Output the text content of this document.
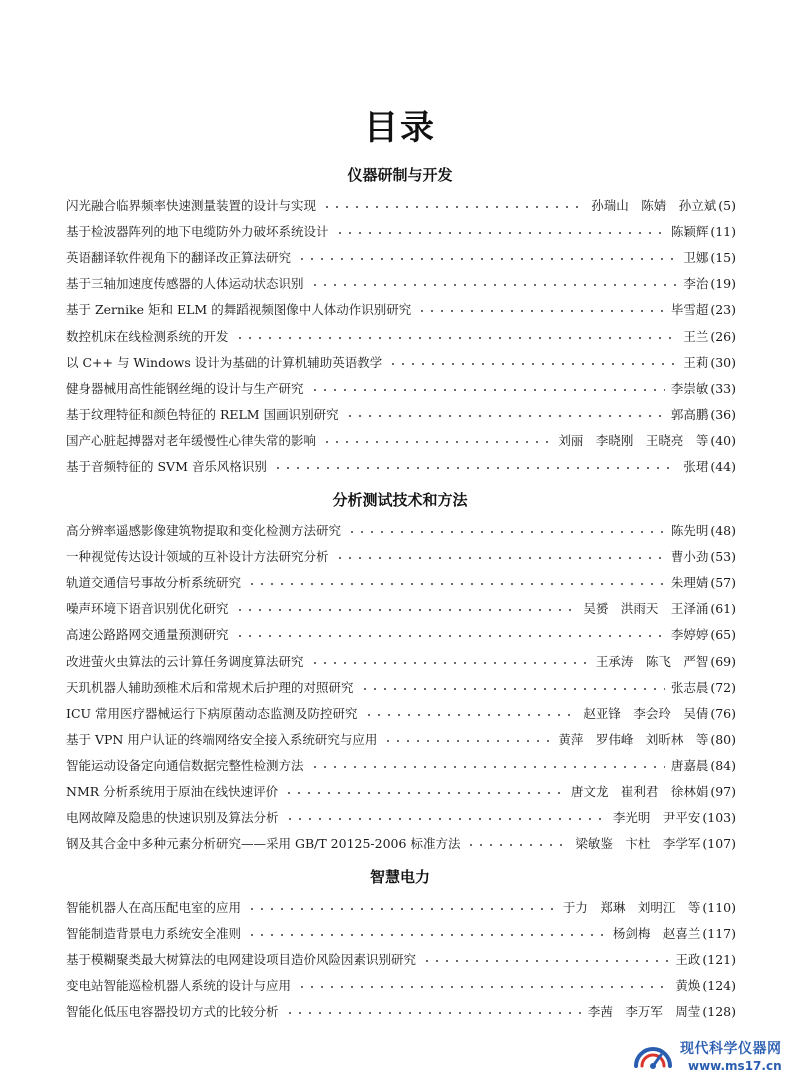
目录
仪器研制与开发
闪光融合临界频率快速测量装置的设计与实现	孙瑞山　陈婧　孙立斌 (5)
基于检波器阵列的地下电缆防外力破坏系统设计	陈颖辉 (11)
英语翻译软件视角下的翻译改正算法研究	卫娜 (15)
基于三轴加速度传感器的人体运动状态识别	李治 (19)
基于 Zernike 矩和 ELM 的舞蹈视频图像中人体动作识别研究	毕雪超 (23)
数控机床在线检测系统的开发	王兰 (26)
以 C++ 与 Windows 设计为基础的计算机辅助英语教学	王莉 (30)
健身器械用高性能钢丝绳的设计与生产研究	李崇敏 (33)
基于纹理特征和颜色特征的 RELM 国画识别研究	郭高鹏 (36)
国产心脏起搏器对老年缓慢性心律失常的影响	刘丽　李晓刚　王晓亮　等 (40)
基于音频特征的 SVM 音乐风格识别	张珺 (44)
分析测试技术和方法
高分辨率遥感影像建筑物提取和变化检测方法研究	陈先明 (48)
一种视觉传达设计领域的互补设计方法研究分析	曹小劲 (53)
轨道交通信号事故分析系统研究	朱理婧 (57)
噪声环境下语音识别优化研究	吴赟　洪雨天　王泽涌 (61)
高速公路路网交通量预测研究	李婷婷 (65)
改进萤火虫算法的云计算任务调度算法研究	王承涛　陈飞　严智 (69)
天玑机器人辅助颈椎术后和常规术后护理的对照研究	张志晨 (72)
ICU 常用医疗器械运行下病原菌动态监测及防控研究	赵亚锋　李会玲　吴倩 (76)
基于 VPN 用户认证的终端网络安全接入系统研究与应用	黄萍　罗伟峰　刘昕林　等 (80)
智能运动设备定向通信数据完整性检测方法	唐嘉晨 (84)
NMR 分析系统用于原油在线快速评价	唐文龙　崔利君　徐林娟 (97)
电网故障及隐患的快速识别及算法分析	李光明　尹平安 (103)
钢及其合金中多种元素分析研究——采用 GB/T 20125-2006 标准方法	梁敏鉴　卞杜　李学军 (107)
智慧电力
智能机器人在高压配电室的应用	于力　郑琳　刘明江　等 (110)
智能制造背景电力系统安全准则	杨剑梅　赵喜兰 (117)
基于模糊聚类最大树算法的电网建设项目造价风险因素识别研究	王政 (121)
变电站智能巡检机器人系统的设计与应用	黄焕 (124)
智能化低压电容器投切方式的比较分析	李茜　李万军　周莹 (128)
现代科学仪器网
www.ms17.cn
